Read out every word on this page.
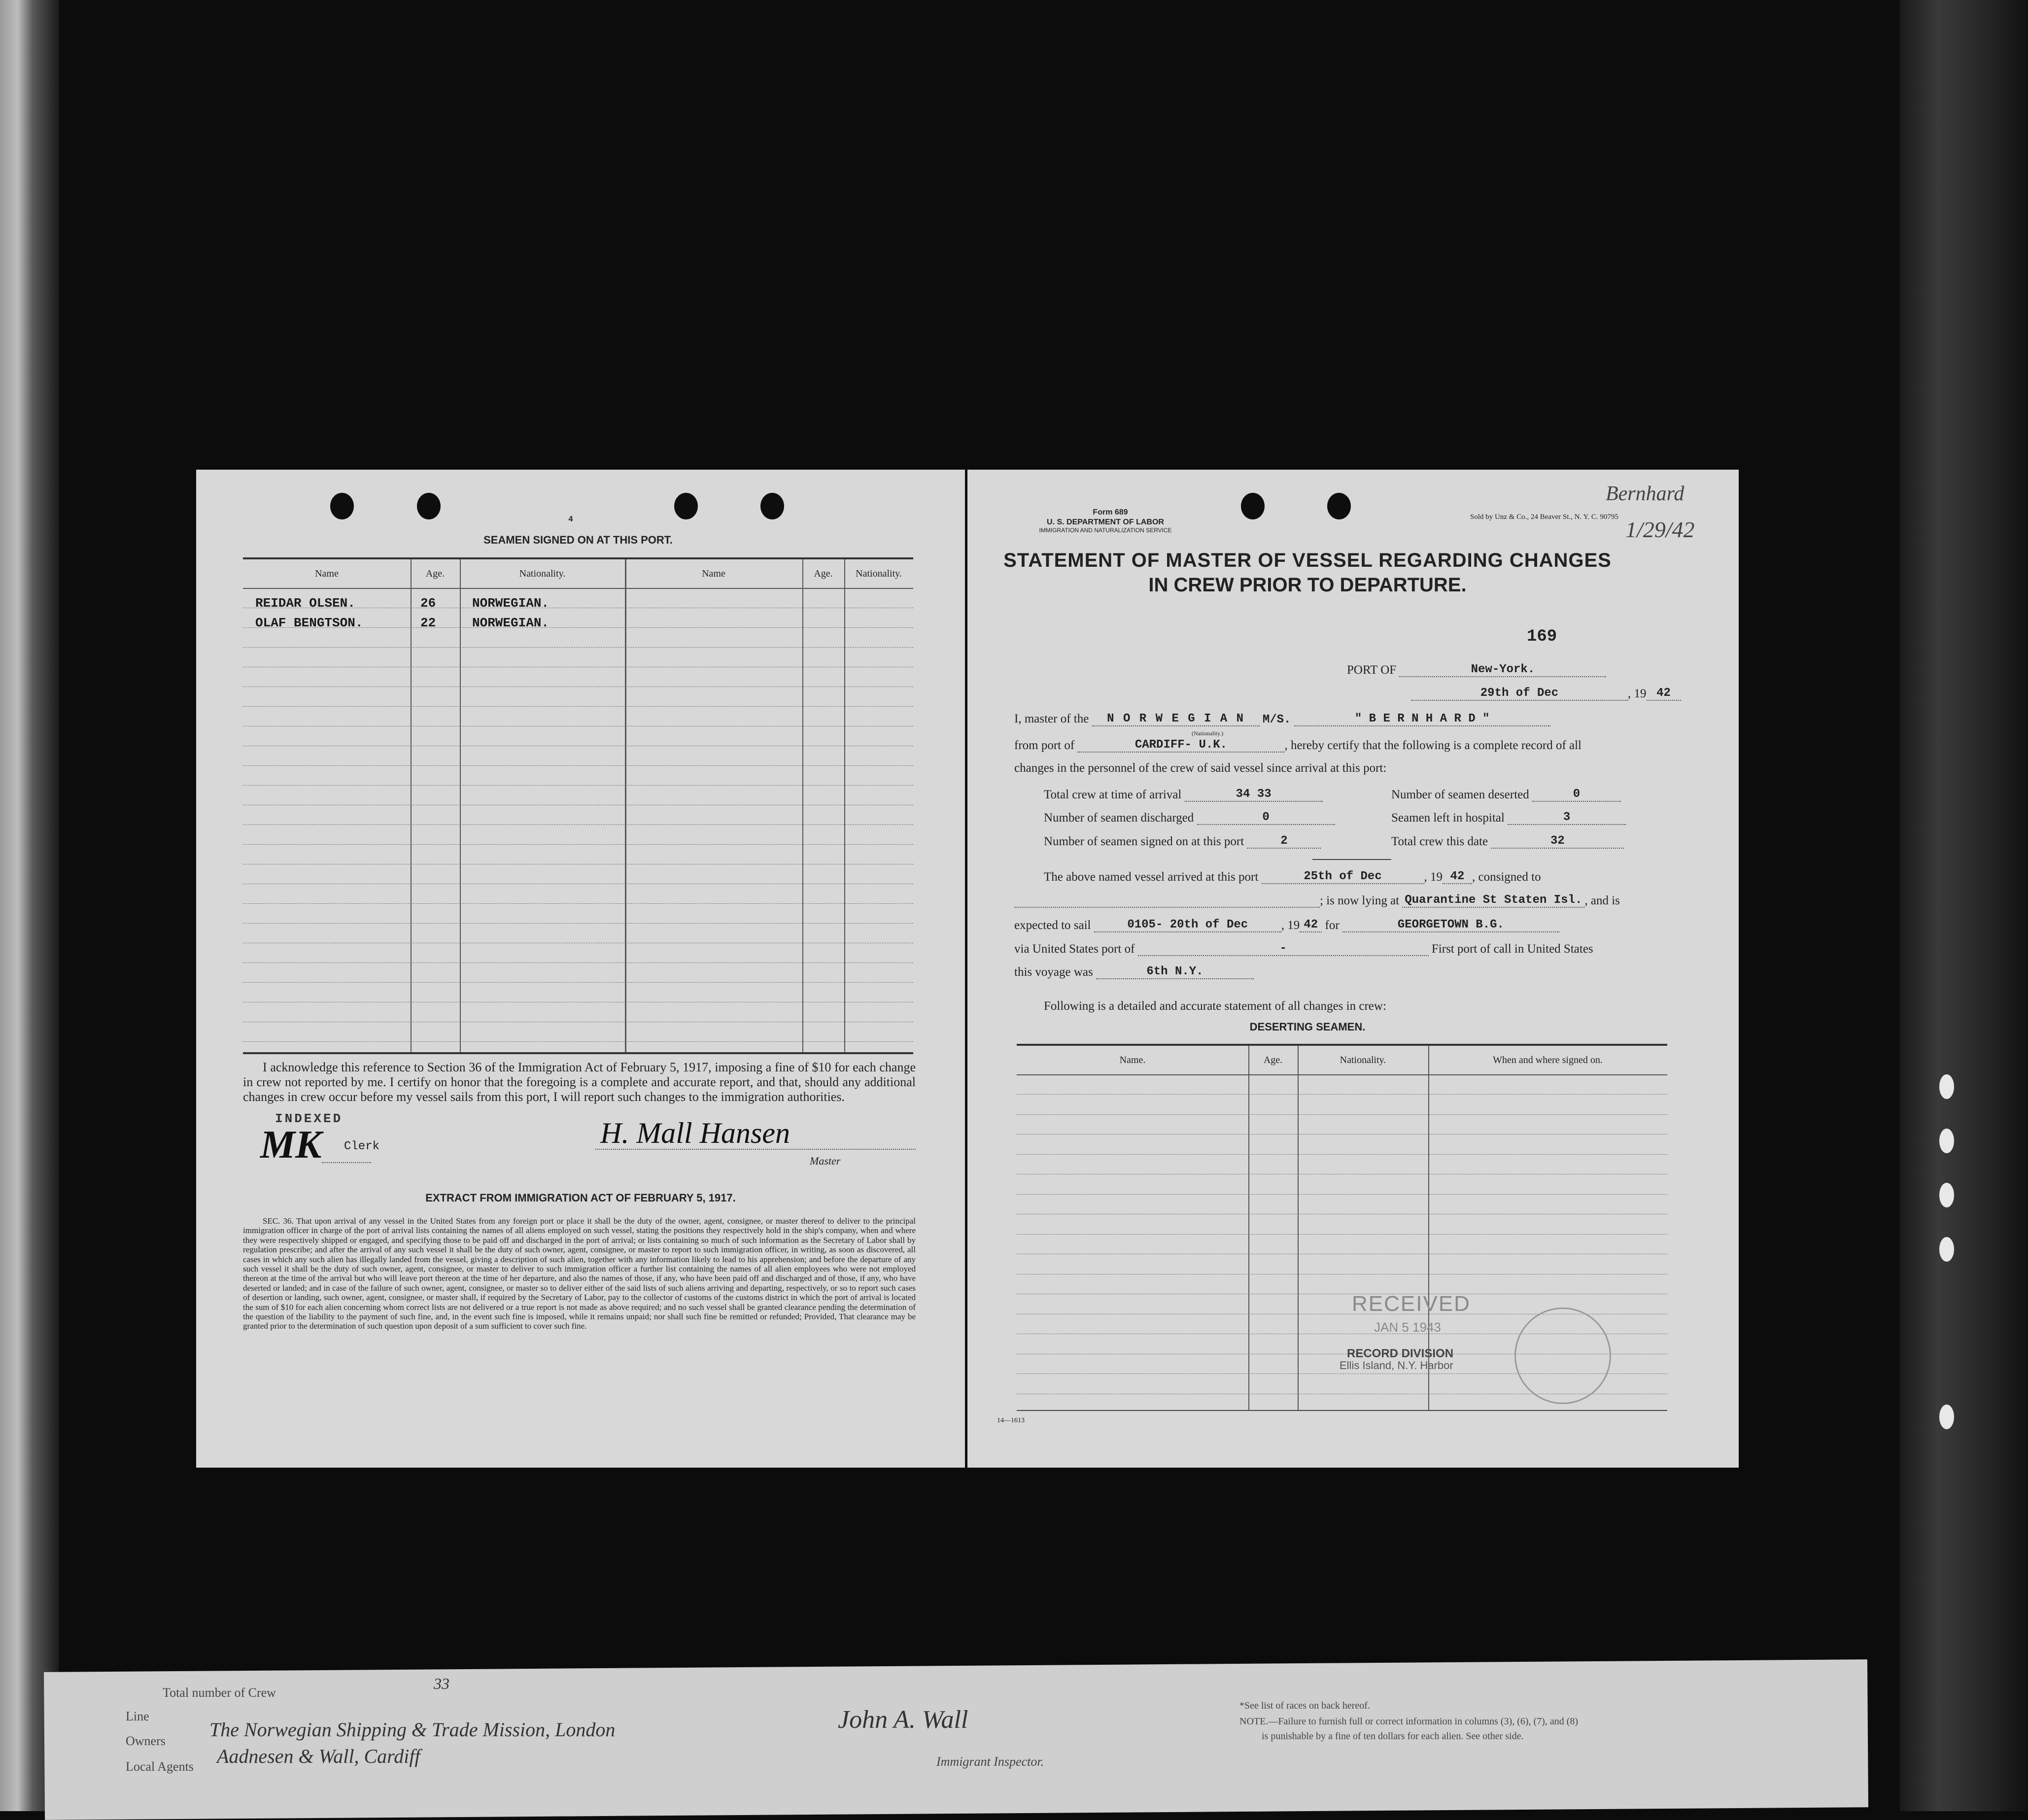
Total number of Crew
33
Line
Owners
The Norwegian Shipping & Trade Mission, London
Local Agents Aadnesen & Wall, Cardiff
John A. Wall
Immigrant Inspector.
*See list of races on back hereof.
NOTE.—Failure to furnish full or correct information in columns (3), (6), (7), and (8)
is punishable by a fine of ten dollars for each alien. See other side.
4
SEAMEN SIGNED ON AT THIS PORT.
Name	Age.	Nationality.	Name	Age.	Nationality.
REIDAR OLSEN.	26	NORWEGIAN.
OLAF BENGTSON.	22	NORWEGIAN.
I acknowledge this reference to Section 36 of the Immigration Act of February 5, 1917, imposing a fine of $10 for each change in crew not reported by me. I certify on honor that the foregoing is a complete and accurate report, and that, should any additional changes in crew occur before my vessel sails from this port, I will report such changes to the immigration authorities.
INDEXED
MK Clerk	H. Mall Hansen
Master
EXTRACT FROM IMMIGRATION ACT OF FEBRUARY 5, 1917.
SEC. 36. That upon arrival of any vessel in the United States from any foreign port or place it shall be the duty of the owner, agent, consignee, or master thereof to deliver to the principal immigration officer in charge of the port of arrival lists containing the names of all aliens employed on such vessel, stating the positions they respectively hold in the ship's company, when and where they were respectively shipped or engaged, and specifying those to be paid off and discharged in the port of arrival; or lists containing so much of such information as the Secretary of Labor shall by regulation prescribe; and after the arrival of any such vessel it shall be the duty of such owner, agent, consignee, or master to report to such immigration officer, in writing, as soon as discovered, all cases in which any such alien has illegally landed from the vessel, giving a description of such alien, together with any information likely to lead to his apprehension; and before the departure of any such vessel it shall be the duty of such owner, agent, consignee, or master to deliver to such immigration officer a further list containing the names of all alien employees who were not employed thereon at the time of the arrival but who will leave port thereon at the time of her departure, and also the names of those, if any, who have been paid off and discharged and of those, if any, who have deserted or landed; and in case of the failure of such owner, agent, consignee, or master so to deliver either of the said lists of such aliens arriving and departing, respectively, or so to report such cases of desertion or landing, such owner, agent, consignee, or master shall, if required by the Secretary of Labor, pay to the collector of customs of the customs district in which the port of arrival is located the sum of $10 for each alien concerning whom correct lists are not delivered or a true report is not made as above required; and no such vessel shall be granted clearance pending the determination of the question of the liability to the payment of such fine, and, in the event such fine is imposed, while it remains unpaid; nor shall such fine be remitted or refunded; Provided, That clearance may be granted prior to the determination of such question upon deposit of a sum sufficient to cover such fine.
Form 689
U. S. DEPARTMENT OF LABOR
IMMIGRATION AND NATURALIZATION SERVICE
Sold by Unz & Co., 24 Beaver St., N. Y. C. 90795
Bernhard
1/29/42
STATEMENT OF MASTER OF VESSEL REGARDING CHANGES
IN CREW PRIOR TO DEPARTURE.
169
PORT OF	New-York.
29th of Dec	, 19 42
I, master of the N O R W E G I A N M/S.	" B E R N H A R D "
(Nationality.)
from port of	CARDIFF- U.K.	, hereby certify that the following is a complete record of all
changes in the personnel of the crew of said vessel since arrival at this port:
Total crew at time of arrival	34 33	Number of seamen deserted	0
Number of seamen discharged	0	Seamen left in hospital	3
Number of seamen signed on at this port	2	Total crew this date	32
The above named vessel arrived at this port	25th of Dec	, 19 42 , consigned to
; is now lying at Quarantine St Staten Isl. , and is
expected to sail	0105- 20th of Dec	, 19 42 for	GEORGETOWN B.G.
via United States port of	-	First port of call in United States
this voyage was	6th N.Y.
Following is a detailed and accurate statement of all changes in crew:
DESERTING SEAMEN.
Name.	Age.	Nationality.	When and where signed on.
14—1613
RECEIVED
JAN 5 1943
RECORD DIVISION
Ellis Island, N.Y. Harbor
